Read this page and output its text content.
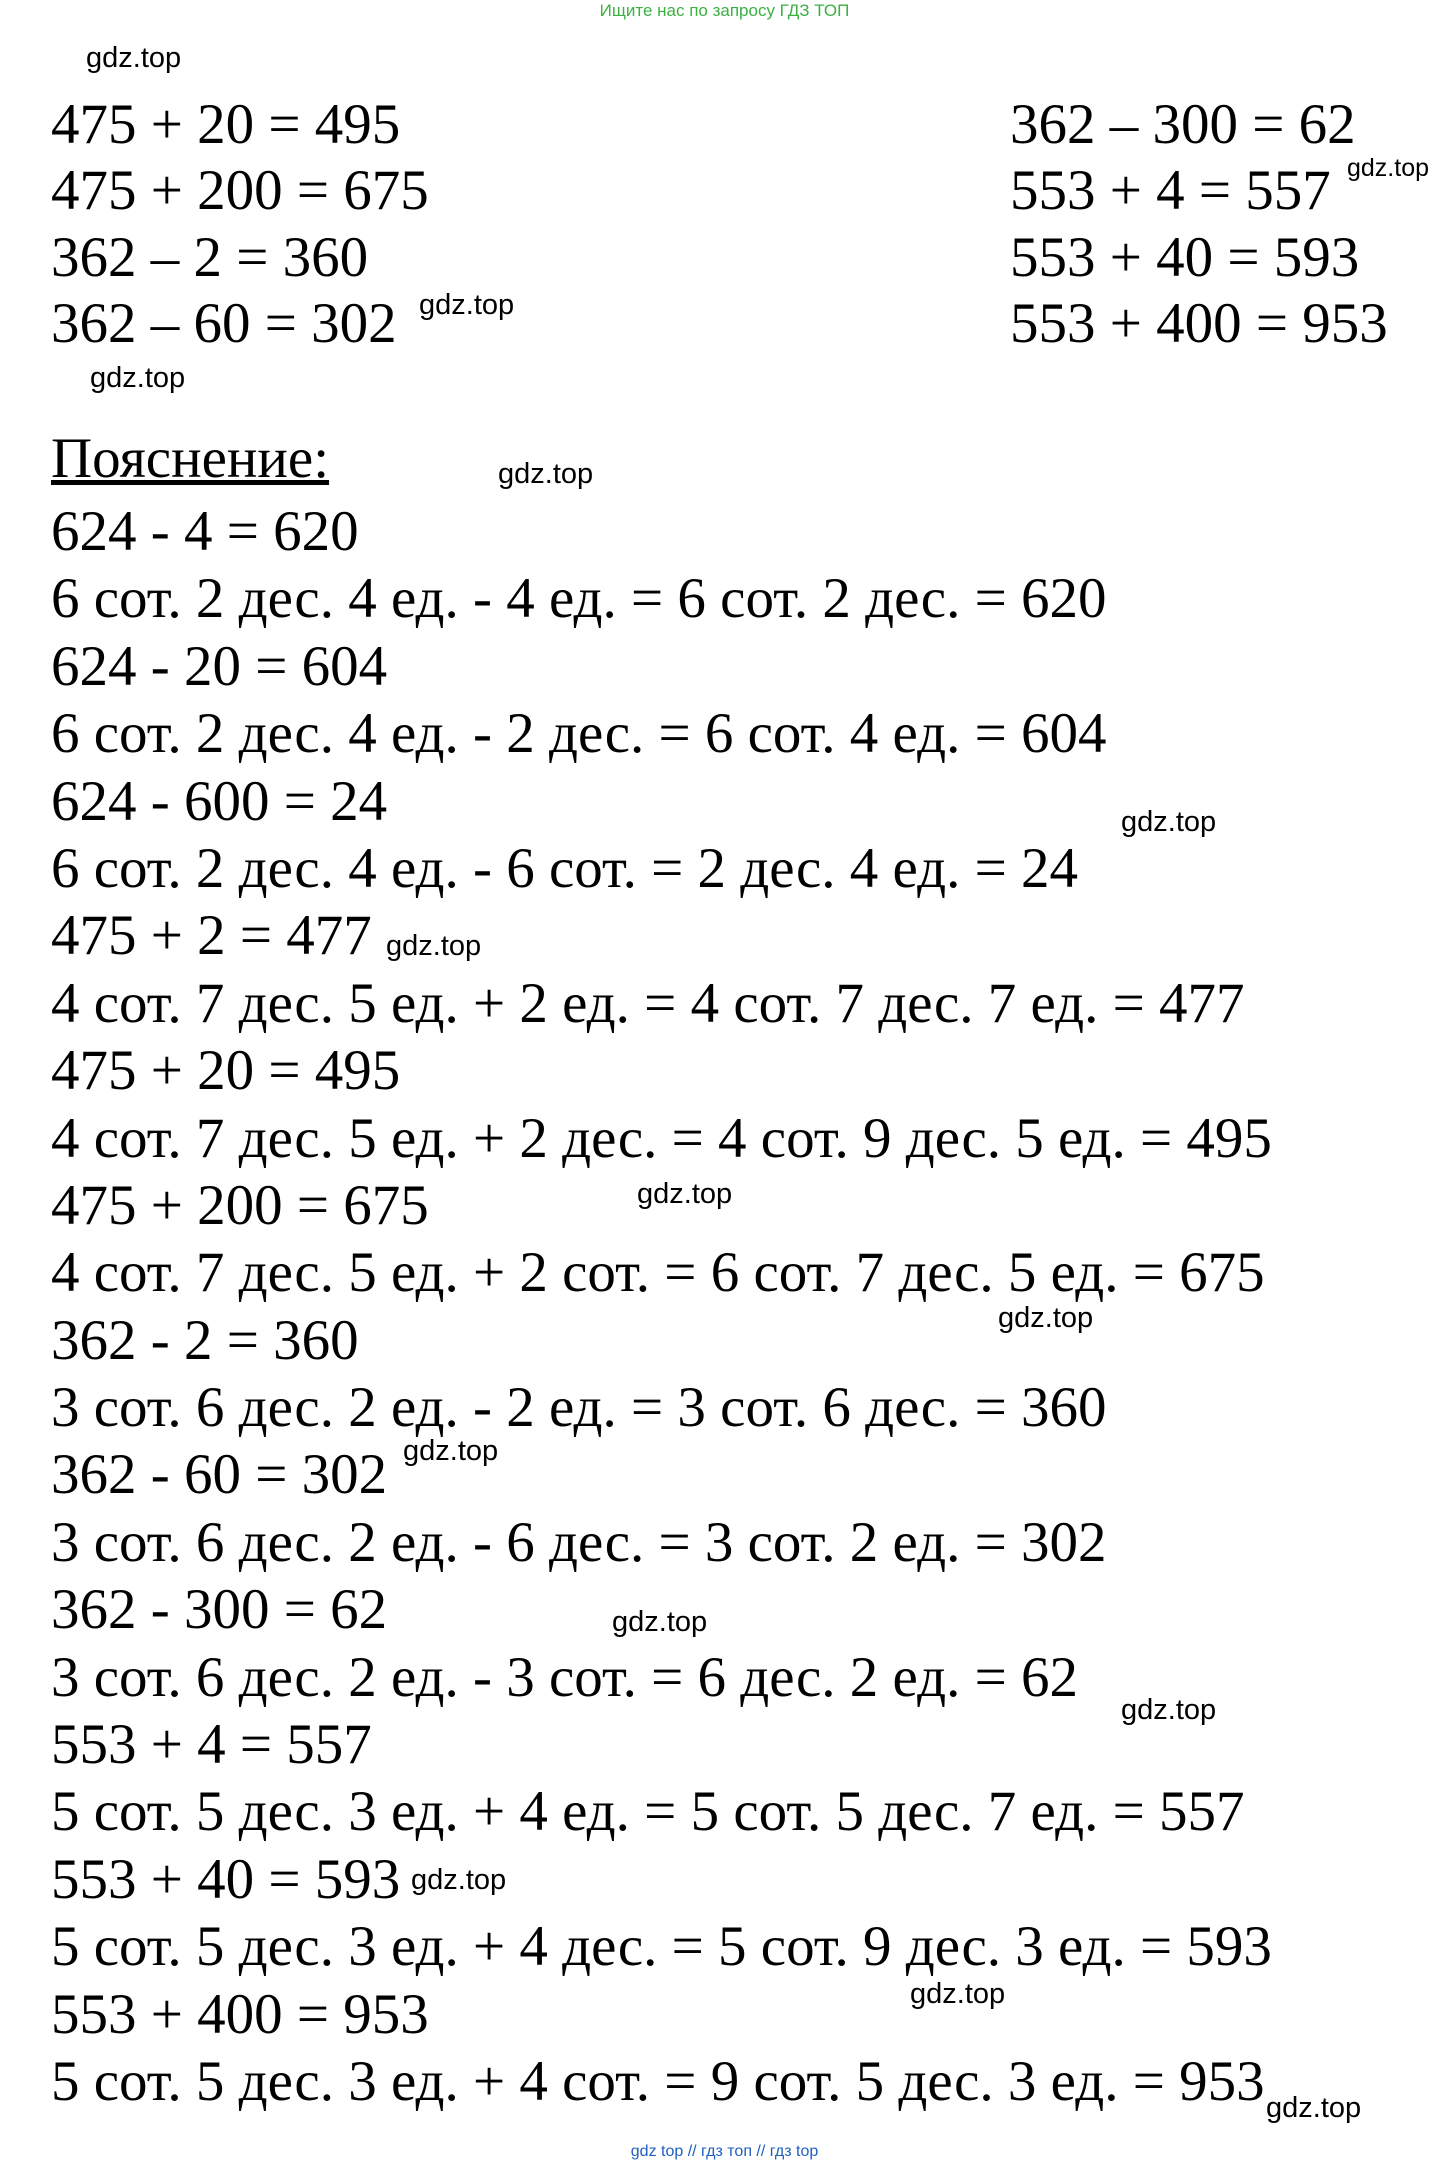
Ищите нас по запросу ГДЗ ТОП
gdz.top
gdz.top
gdz.top
gdz.top
gdz.top
gdz.top
gdz.top
gdz.top
gdz.top
gdz.top
gdz.top
gdz.top
gdz.top
gdz.top
gdz.top
475 + 20 = 495
475 + 200 = 675
362 – 2 = 360
362 – 60 = 302
362 – 300 = 62
553 + 4 = 557
553 + 40 = 593
553 + 400 = 953
Пояснение:
624 - 4 = 620
6 сот. 2 дес. 4 ед. - 4 ед. = 6 сот. 2 дес. = 620
624 - 20 = 604
6 сот. 2 дес. 4 ед. - 2 дес. = 6 сот. 4 ед. = 604
624 - 600 = 24
6 сот. 2 дес. 4 ед. - 6 сот. = 2 дес. 4 ед. = 24
475 + 2 = 477
4 сот. 7 дес. 5 ед. + 2 ед. = 4 сот. 7 дес. 7 ед. = 477
475 + 20 = 495
4 сот. 7 дес. 5 ед. + 2 дес. = 4 сот. 9 дес. 5 ед. = 495
475 + 200 = 675
4 сот. 7 дес. 5 ед. + 2 сот. = 6 сот. 7 дес. 5 ед. = 675
362 - 2 = 360
3 сот. 6 дес. 2 ед. - 2 ед. = 3 сот. 6 дес. = 360
362 - 60 = 302
3 сот. 6 дес. 2 ед. - 6 дес. = 3 сот. 2 ед. = 302
362 - 300 = 62
3 сот. 6 дес. 2 ед. - 3 сот. = 6 дес. 2 ед. = 62
553 + 4 = 557
5 сот. 5 дес. 3 ед. + 4 ед. = 5 сот. 5 дес. 7 ед. = 557
553 + 40 = 593
5 сот. 5 дес. 3 ед. + 4 дес. = 5 сот. 9 дес. 3 ед. = 593
553 + 400 = 953
5 сот. 5 дес. 3 ед. + 4 сот. = 9 сот. 5 дес. 3 ед. = 953
gdz top // гдз топ // гдз top
